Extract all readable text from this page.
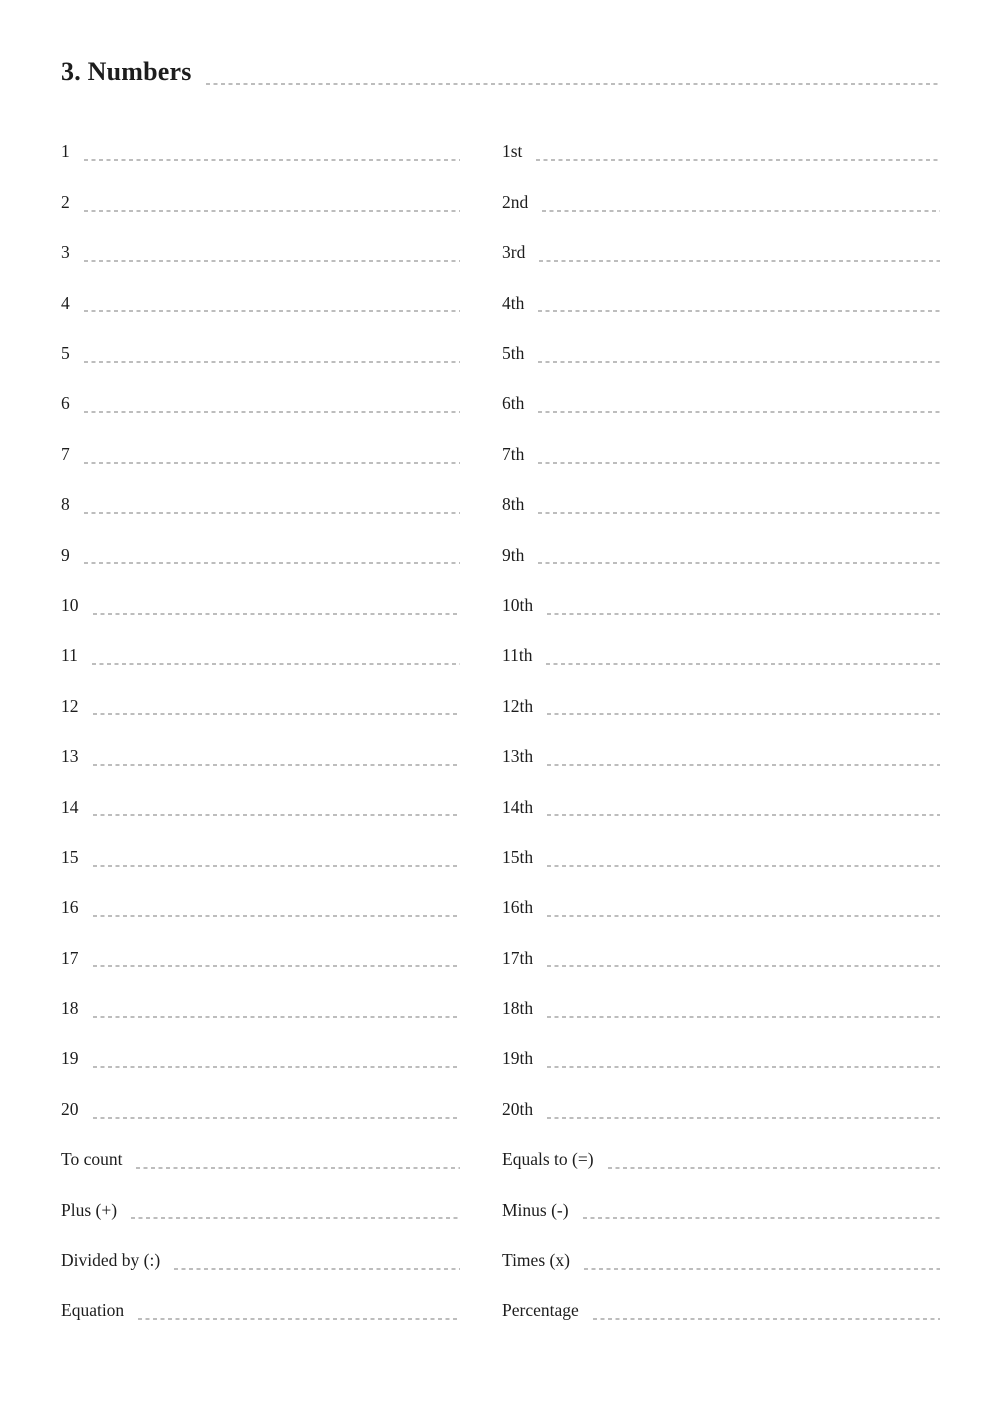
3. Numbers
1	1st
2	2nd
3	3rd
4	4th
5	5th
6	6th
7	7th
8	8th
9	9th
10	10th
11	11th
12	12th
13	13th
14	14th
15	15th
16	16th
17	17th
18	18th
19	19th
20	20th
To count	Equals to (=)
Plus (+)	Minus (-)
Divided by (:)	Times (x)
Equation	Percentage
